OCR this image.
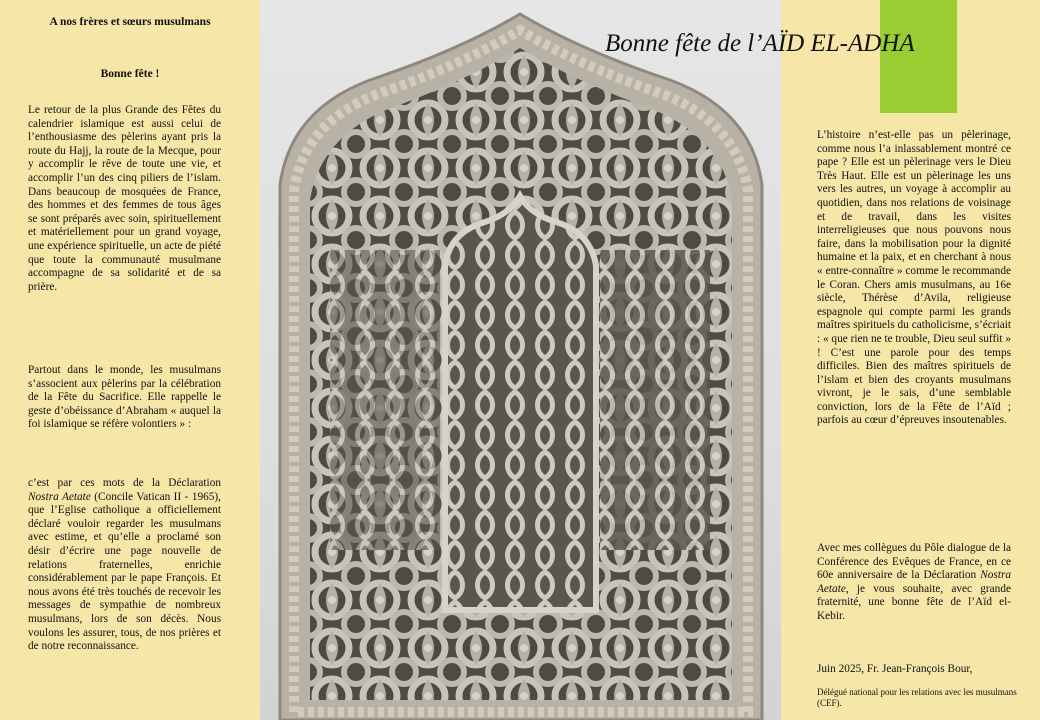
Bonne fête de l’AÏD EL-ADHA
A nos frères et sœurs musulmans
Bonne fête !
Le retour de la plus Grande des Fêtes du calendrier islamique est aussi celui de l’enthousiasme des pèlerins ayant pris la route du Hajj, la route de la Mecque, pour y accomplir le rêve de toute une vie, et accomplir l’un des cinq piliers de l’islam. Dans beaucoup de mosquées de France, des hommes et des femmes de tous âges se sont préparés avec soin, spirituellement et matériellement pour un grand voyage, une expérience spirituelle, un acte de piété que toute la communauté musulmane accompagne de sa solidarité et de sa prière.
Partout dans le monde, les musulmans s’associent aux pèlerins par la célébration de la Fête du Sacrifice. Elle rappelle le geste d’obéissance d’Abraham « auquel la foi islamique se réfère volontiers » :
c’est par ces mots de la Déclaration Nostra Aetate (Concile Vatican II - 1965), que l’Eglise catholique a officiellement déclaré vouloir regarder les musulmans avec estime, et qu’elle a proclamé son désir d’écrire une page nouvelle de relations fraternelles, enrichie considérablement par le pape François. Et nous avons été très touchés de recevoir les messages de sympathie de nombreux musulmans, lors de son décès. Nous voulons les assurer, tous, de nos prières et de notre reconnaissance.
L’histoire n’est-elle pas un pèlerinage, comme nous l’a inlassablement montré ce pape ? Elle est un pèlerinage vers le Dieu Très Haut. Elle est un pèlerinage les uns vers les autres, un voyage à accomplir au quotidien, dans nos relations de voisinage et de travail, dans les visites interreligieuses que nous pouvons nous faire, dans la mobilisation pour la dignité humaine et la paix, et en cherchant à nous « entre-connaître » comme le recommande le Coran. Chers amis musulmans, au 16e siècle, Thérèse d’Avila, religieuse espagnole qui compte parmi les grands maîtres spirituels du catholicisme, s’écriait : « que rien ne te trouble, Dieu seul suffit » ! C’est une parole pour des temps difficiles. Bien des maîtres spirituels de l’islam et bien des croyants musulmans vivront, je le sais, d’une semblable conviction, lors de la Fête de l’Aïd ; parfois au cœur d’épreuves insoutenables.
Avec mes collègues du Pôle dialogue de la Conférence des Evêques de France, en ce 60e anniversaire de la Déclaration Nostra Aetate, je vous souhaite, avec grande fraternité, une bonne fête de l’Aïd el-Kebir.
Juin 2025, Fr. Jean-François Bour,
Délégué national pour les relations avec les musulmans (CEF).
